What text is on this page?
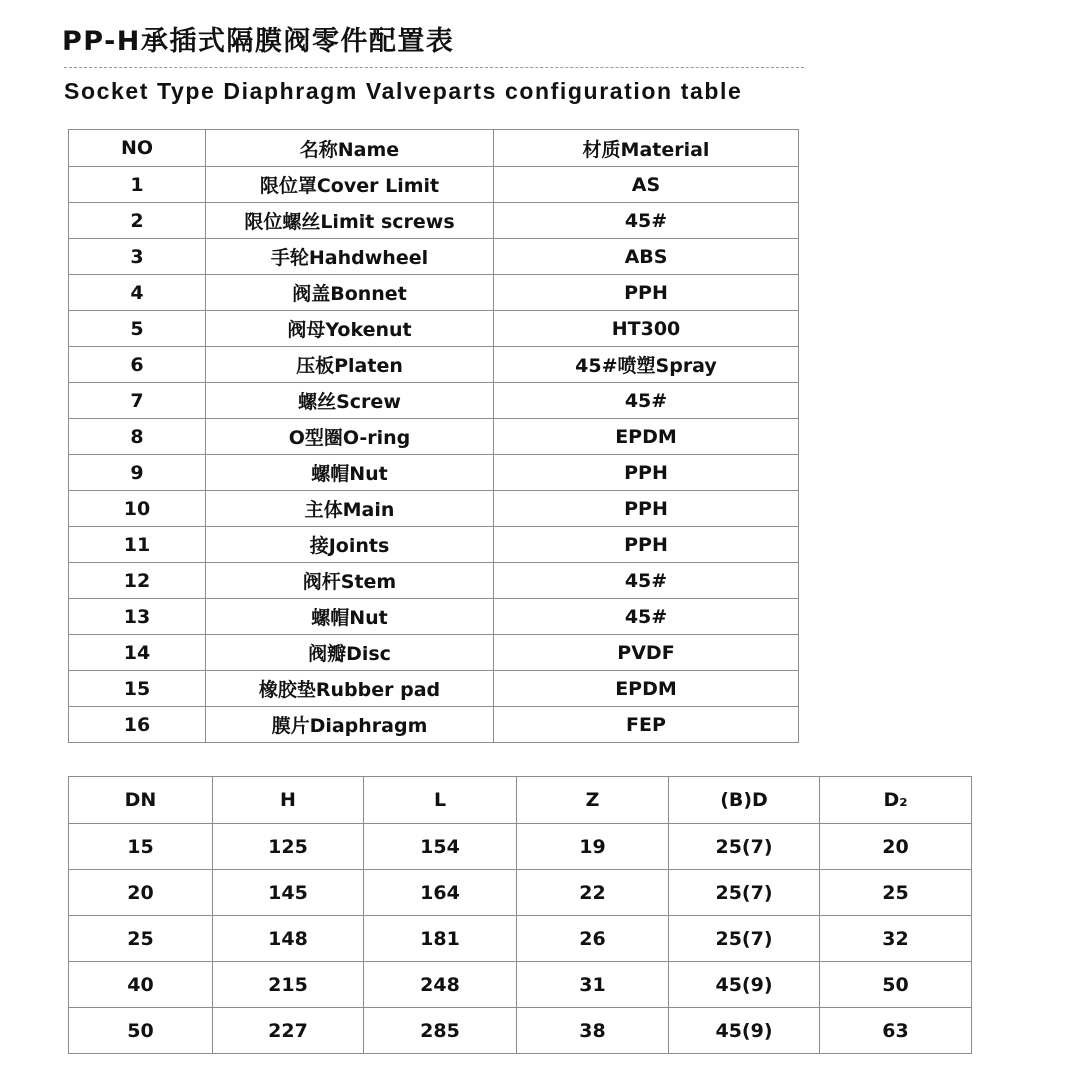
PP-H承插式隔膜阀零件配置表
Socket Type Diaphragm Valveparts configuration table
NO	名称Name	材质Material
1	限位罩Cover Limit	AS
2	限位螺丝Limit screws	45#
3	手轮Hahdwheel	ABS
4	阀盖Bonnet	PPH
5	阀母Yokenut	HT300
6	压板Platen	45#喷塑Spray
7	螺丝Screw	45#
8	O型圈O-ring	EPDM
9	螺帽Nut	PPH
10	主体Main	PPH
11	接Joints	PPH
12	阀杆Stem	45#
13	螺帽Nut	45#
14	阀瓣Disc	PVDF
15	橡胶垫Rubber pad	EPDM
16	膜片Diaphragm	FEP
DN	H	L	Z	(B)D	D₂
15	125	154	19	25(7)	20
20	145	164	22	25(7)	25
25	148	181	26	25(7)	32
40	215	248	31	45(9)	50
50	227	285	38	45(9)	63
